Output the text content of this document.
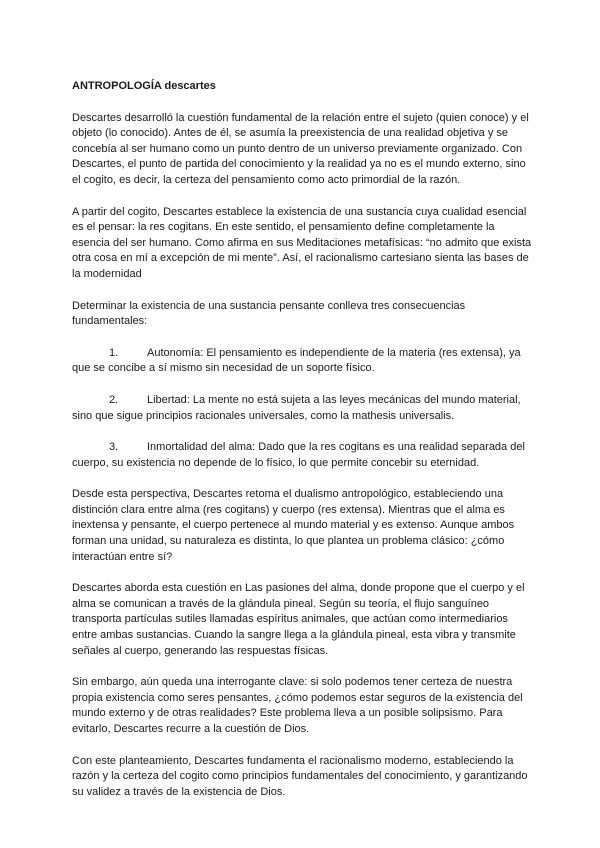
ANTROPOLOGÍA descartes

Descartes desarrolló la cuestión fundamental de la relación entre el sujeto (quien conoce) y el objeto (lo conocido). Antes de él, se asumía la preexistencia de una realidad objetiva y se concebía al ser humano como un punto dentro de un universo previamente organizado. Con Descartes, el punto de partida del conocimiento y la realidad ya no es el mundo externo, sino el cogito, es decir, la certeza del pensamiento como acto primordial de la razón.

A partir del cogito, Descartes establece la existencia de una sustancia cuya cualidad esencial es el pensar: la res cogitans. En este sentido, el pensamiento define completamente la esencia del ser humano. Como afirma en sus Meditaciones metafísicas: “no admito que exista otra cosa en mí a excepción de mi mente”. Así, el racionalismo cartesiano sienta las bases de la modernidad

Determinar la existencia de una sustancia pensante conlleva tres consecuencias fundamentales:

1.	Autonomía: El pensamiento es independiente de la materia (res extensa), ya que se concibe a sí mismo sin necesidad de un soporte físico.
2.	Libertad: La mente no está sujeta a las leyes mecánicas del mundo material, sino que sigue principios racionales universales, como la mathesis universalis.
3.	Inmortalidad del alma: Dado que la res cogitans es una realidad separada del cuerpo, su existencia no depende de lo físico, lo que permite concebir su eternidad.

Desde esta perspectiva, Descartes retoma el dualismo antropológico, estableciendo una distinción clara entre alma (res cogitans) y cuerpo (res extensa). Mientras que el alma es inextensa y pensante, el cuerpo pertenece al mundo material y es extenso. Aunque ambos forman una unidad, su naturaleza es distinta, lo que plantea un problema clásico: ¿cómo interactúan entre sí?

Descartes aborda esta cuestión en Las pasiones del alma, donde propone que el cuerpo y el alma se comunican a través de la glándula pineal. Según su teoría, el flujo sanguíneo transporta partículas sutiles llamadas espíritus animales, que actúan como intermediarios entre ambas sustancias. Cuando la sangre llega a la glándula pineal, esta vibra y transmite señales al cuerpo, generando las respuestas físicas.

Sin embargo, aún queda una interrogante clave: si solo podemos tener certeza de nuestra propia existencia como seres pensantes, ¿cómo podemos estar seguros de la existencia del mundo externo y de otras realidades? Este problema lleva a un posible solipsismo. Para evitarlo, Descartes recurre a la cuestión de Dios.

Con este planteamiento, Descartes fundamenta el racionalismo moderno, estableciendo la razón y la certeza del cogito como principios fundamentales del conocimiento, y garantizando su validez a través de la existencia de Dios.
